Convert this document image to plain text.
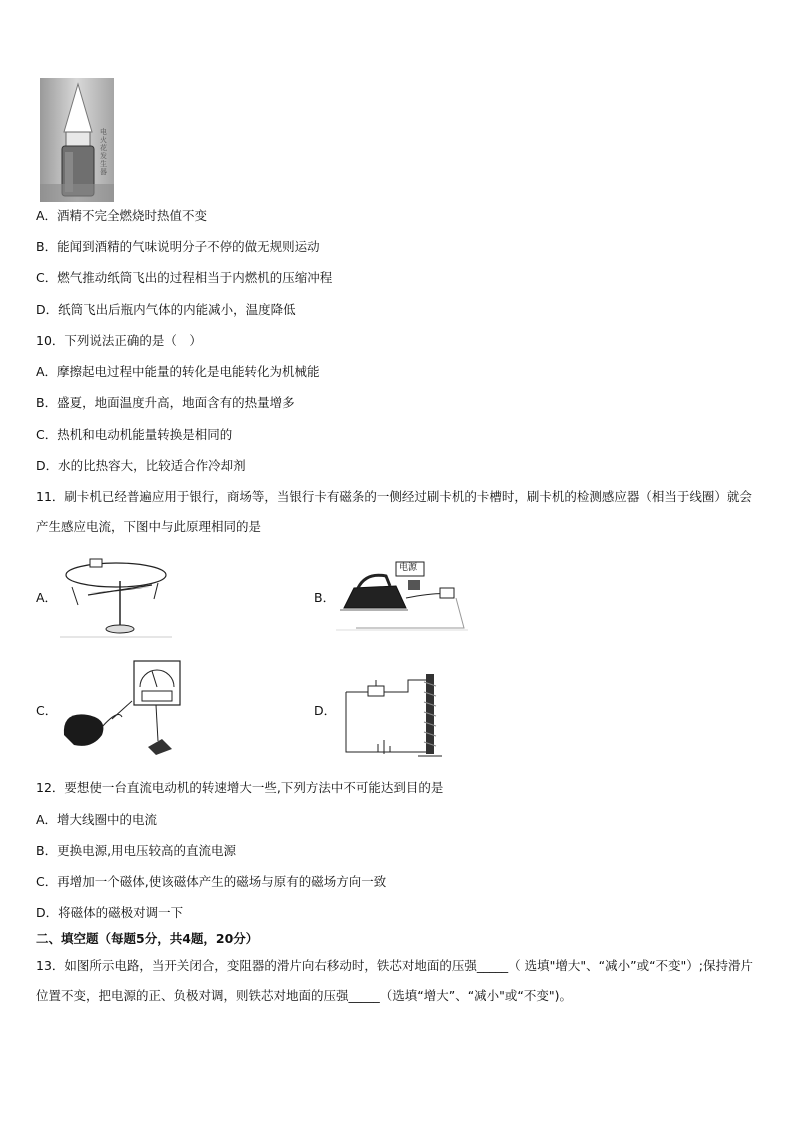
电火花发生器
A．酒精不完全燃烧时热值不变
B．能闻到酒精的气味说明分子不停的做无规则运动
C．燃气推动纸筒飞出的过程相当于内燃机的压缩冲程
D．纸筒飞出后瓶内气体的内能减小，温度降低
10．下列说法正确的是（　）
A．摩擦起电过程中能量的转化是电能转化为机械能
B．盛夏，地面温度升高，地面含有的热量增多
C．热机和电动机能量转换是相同的
D．水的比热容大，比较适合作冷却剂
11．刷卡机已经普遍应用于银行，商场等，当银行卡有磁条的一侧经过刷卡机的卡槽时，刷卡机的检测感应器（相当于线圈）就会产生感应电流，下图中与此原理相同的是
A．	B．
C．	D．
电源
12．要想使一台直流电动机的转速增大一些,下列方法中不可能达到目的是
A．增大线圈中的电流
B．更换电源,用电压较高的直流电源
C．再增加一个磁体,使该磁体产生的磁场与原有的磁场方向一致
D．将磁体的磁极对调一下
二、填空题（每题5分，共4题，20分）
13．如图所示电路，当开关闭合，变阻器的滑片向右移动时，铁芯对地面的压强_____（ 选填"增大"、“减小”或“不变"）;保持滑片位置不变，把电源的正、负极对调，则铁芯对地面的压强_____（选填“增大”、“减小"或“不变")。
